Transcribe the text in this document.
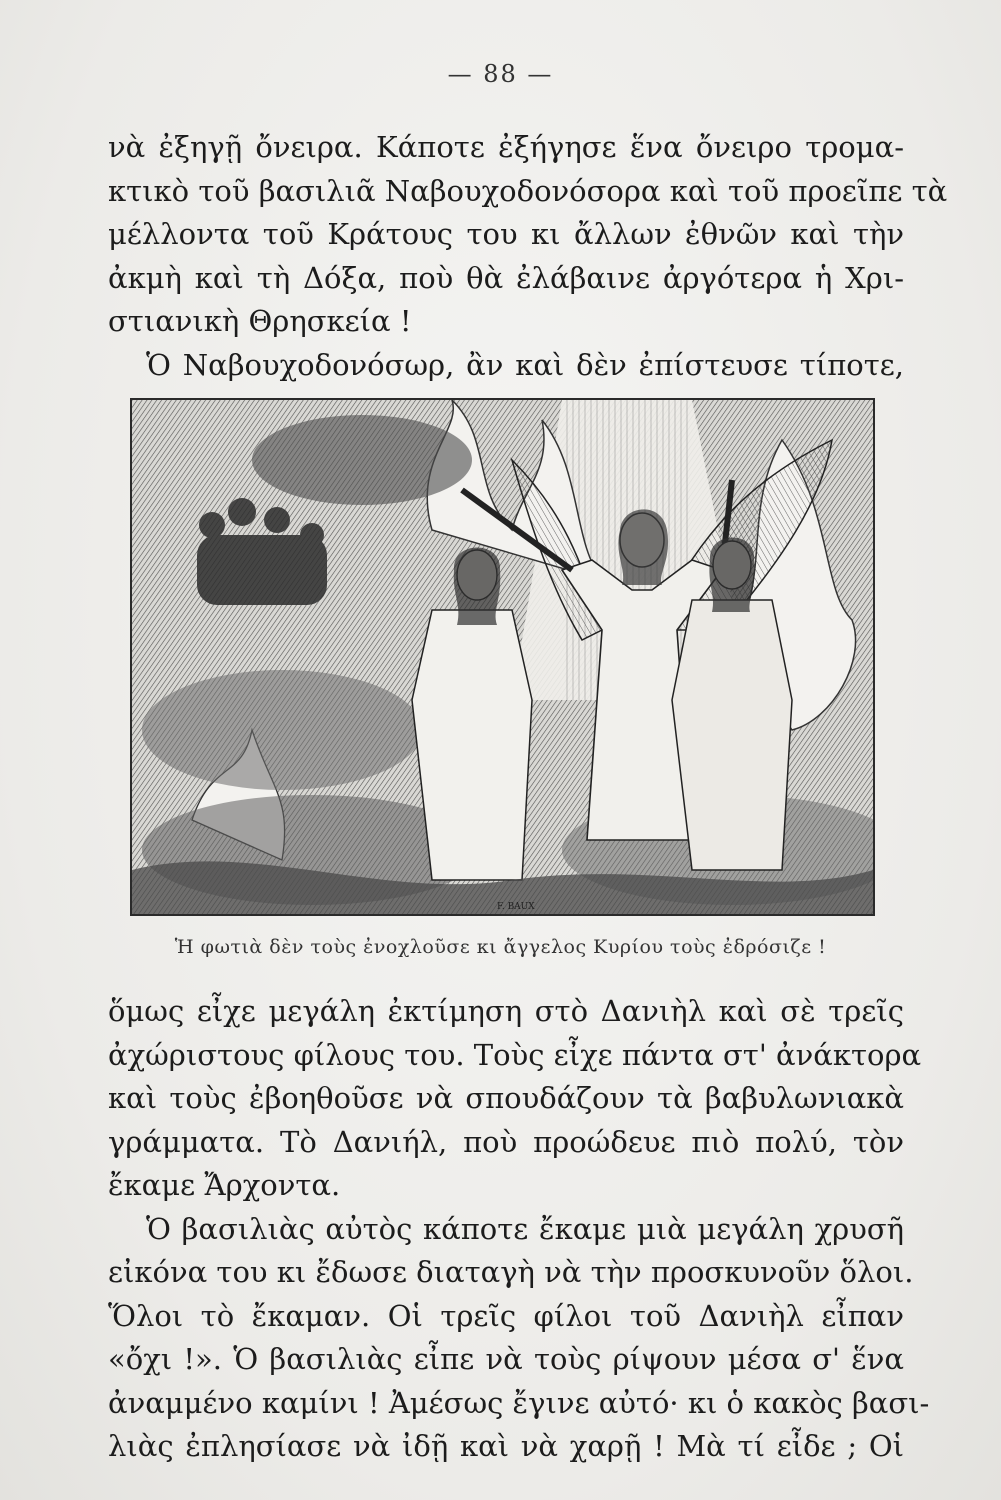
— 88 —
νὰ ἐξηγῇ ὄνειρα. Κάποτε ἐξήγησε ἕνα ὄνειρο τρομα-
κτικὸ τοῦ βασιλιᾶ Ναβουχοδονόσορα καὶ τοῦ προεῖπε τὰ
μέλλοντα τοῦ Κράτους του κι ἄλλων ἐθνῶν καὶ τὴν
ἀκμὴ καὶ τὴ Δόξα, ποὺ θὰ ἐλάβαινε ἀργότερα ἡ Χρι-
στιανικὴ Θρησκεία !
Ὁ Ναβουχοδονόσωρ, ἂν καὶ δὲν ἐπίστευσε τίποτε,
F. BAUX
Ἡ φωτιὰ δὲν τοὺς ἐνοχλοῦσε κι ἄγγελος Κυρίου τοὺς ἐδρόσιζε !
ὅμως εἶχε μεγάλη ἐκτίμηση στὸ Δανιὴλ καὶ σὲ τρεῖς
ἀχώριστους φίλους του. Τοὺς εἶχε πάντα στ' ἀνάκτορα
καὶ τοὺς ἐβοηθοῦσε νὰ σπουδάζουν τὰ βαβυλωνιακὰ
γράμματα. Τὸ Δανιήλ, ποὺ προώδευε πιὸ πολύ, τὸν
ἔκαμε Ἄρχοντα.
Ὁ βασιλιὰς αὐτὸς κάποτε ἔκαμε μιὰ μεγάλη χρυσῆ
εἰκόνα του κι ἔδωσε διαταγὴ νὰ τὴν προσκυνοῦν ὅλοι.
Ὅλοι τὸ ἔκαμαν. Οἱ τρεῖς φίλοι τοῦ Δανιὴλ εἶπαν
«ὄχι !». Ὁ βασιλιὰς εἶπε νὰ τοὺς ρίψουν μέσα σ' ἕνα
ἀναμμένο καμίνι ! Ἀμέσως ἔγινε αὐτό· κι ὁ κακὸς βασι-
λιὰς ἐπλησίασε νὰ ἰδῇ καὶ νὰ χαρῇ ! Μὰ τί εἶδε ; Οἱ
